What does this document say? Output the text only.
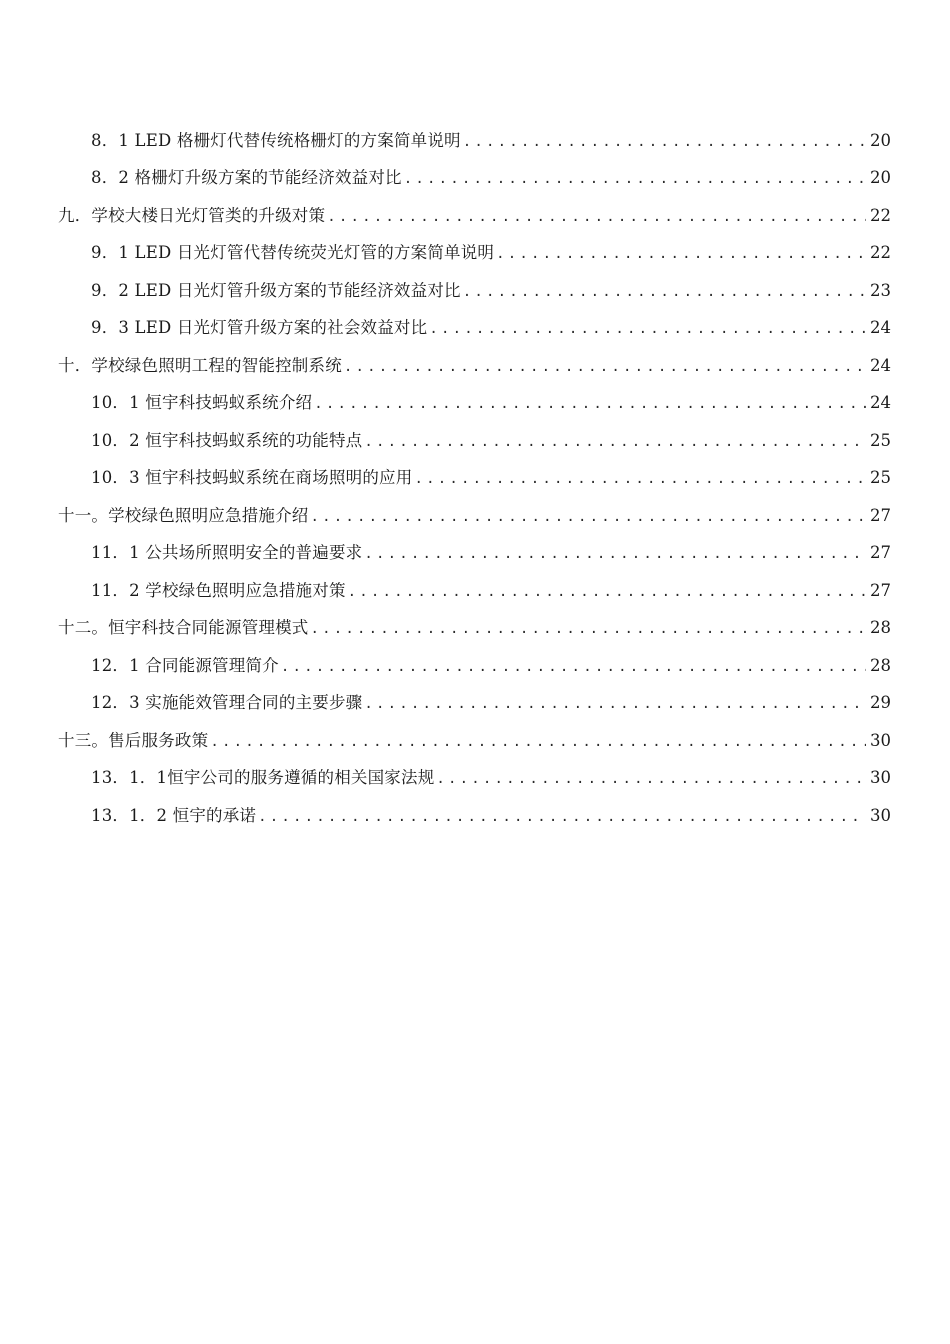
8．1 LED 格栅灯代替传统格栅灯的方案简单说明 .....	20
8．2 格栅灯升级方案的节能经济效益对比 .....	20
九．学校大楼日光灯管类的升级对策 .....	22
9．1 LED 日光灯管代替传统荧光灯管的方案简单说明 .....	22
9．2 LED 日光灯管升级方案的节能经济效益对比 .....	23
9．3 LED 日光灯管升级方案的社会效益对比 .....	24
十．学校绿色照明工程的智能控制系统 .....	24
10．1 恒宇科技蚂蚁系统介绍 .....	24
10．2 恒宇科技蚂蚁系统的功能特点 .....	25
10．3 恒宇科技蚂蚁系统在商场照明的应用 .....	25
十一。学校绿色照明应急措施介绍 .....	27
11．1 公共场所照明安全的普遍要求 .....	27
11．2 学校绿色照明应急措施对策 .....	27
十二。恒宇科技合同能源管理模式 .....	28
12．1 合同能源管理简介 .....	28
12．3 实施能效管理合同的主要步骤 .....	29
十三。售后服务政策 .....	30
13．1．1恒宇公司的服务遵循的相关国家法规 .....	30
13．1．2 恒宇的承诺 .....	30
